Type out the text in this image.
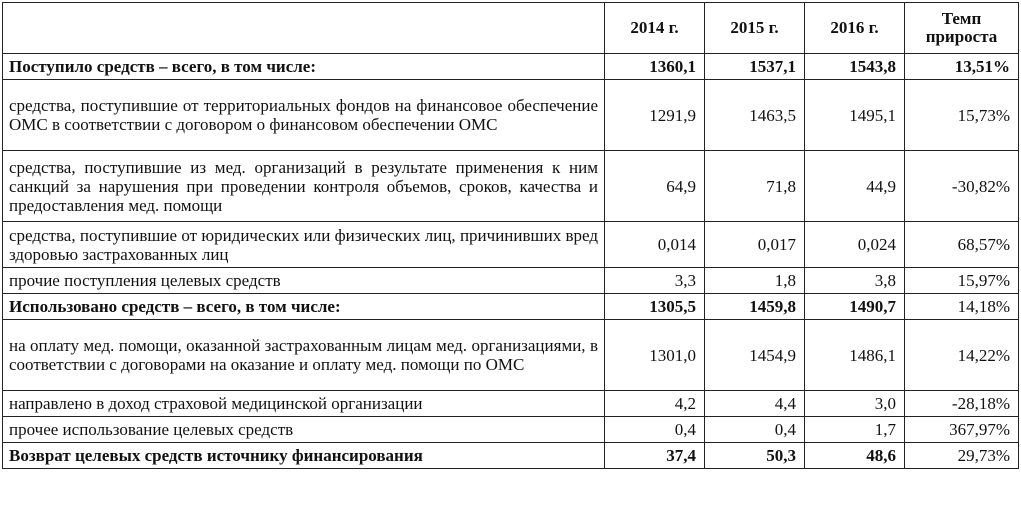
	2014 г.	2015 г.	2016 г.	Темп прироста
Поступило средств – всего, в том числе:	1360,1	1537,1	1543,8	13,51%
средства, поступившие от территориальных фондов на финансовое обеспечение ОМС в соответствии с договором о финансовом обеспечении ОМС	1291,9	1463,5	1495,1	15,73%
средства, поступившие из мед. организаций в результате применения к ним санкций за нарушения при проведении контроля объемов, сроков, качества и предоставления мед. помощи	64,9	71,8	44,9	-30,82%
средства, поступившие от юридических или физических лиц, причинивших вред здоровью застрахованных лиц	0,014	0,017	0,024	68,57%
прочие поступления целевых средств	3,3	1,8	3,8	15,97%
Использовано средств – всего, в том числе:	1305,5	1459,8	1490,7	14,18%
на оплату мед. помощи, оказанной застрахованным лицам мед. организациями, в соответствии с договорами на оказание и оплату мед. помощи по ОМС	1301,0	1454,9	1486,1	14,22%
направлено в доход страховой медицинской организации	4,2	4,4	3,0	-28,18%
прочее использование целевых средств	0,4	0,4	1,7	367,97%
Возврат целевых средств источнику финансирования	37,4	50,3	48,6	29,73%
